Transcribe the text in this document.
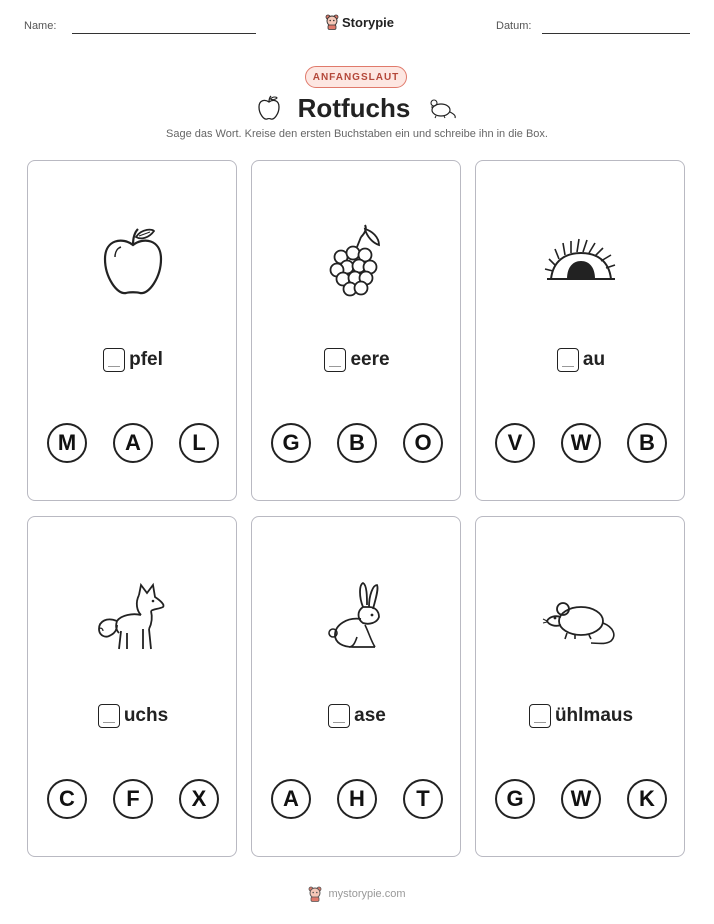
Name:	Storypie	Datum:
ANFANGSLAUT
Rotfuchs
Sage das Wort. Kreise den ersten Buchstaben ein und schreibe ihn in die Box.
pfel
M	A	L
eere
G	B	O
au
V	W	B
uchs
C	F	X
ase
A	H	T
ühlmaus
G	W	K
mystorypie.com
